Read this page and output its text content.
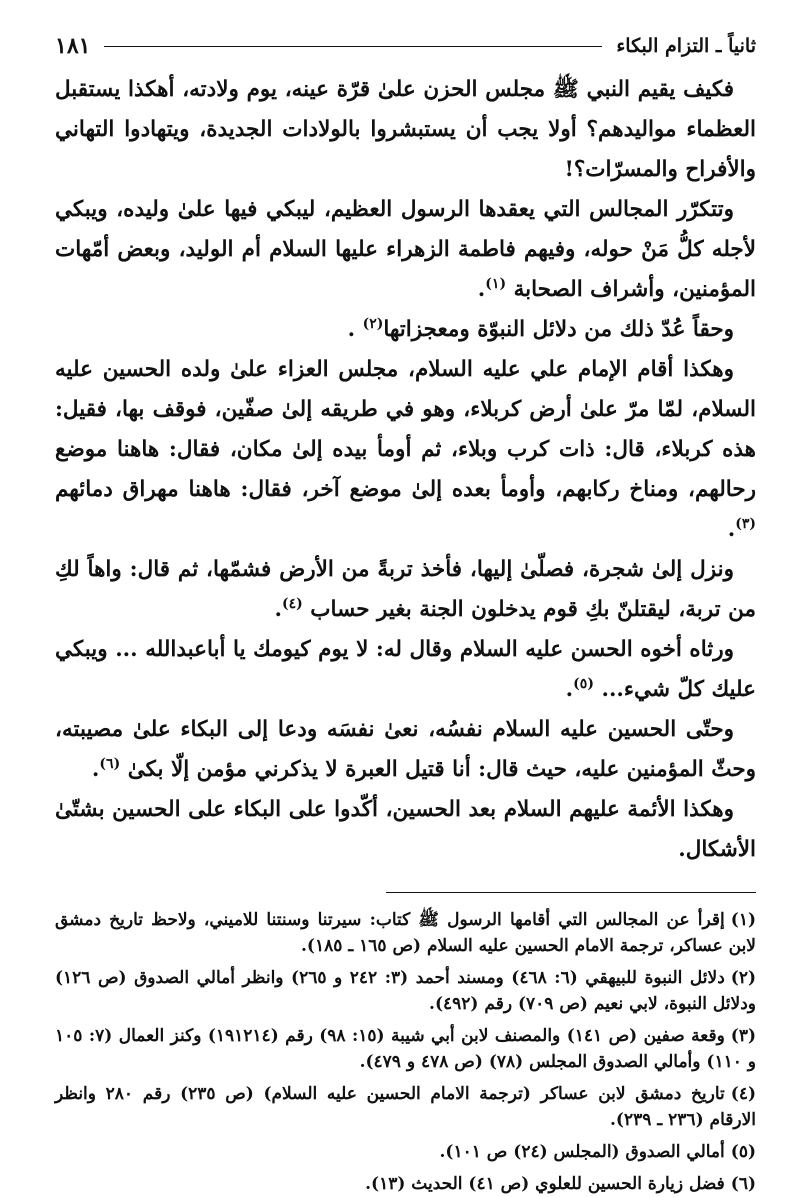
ثانياً ـ التزام البكاء
١٨١

فكيف يقيم النبي ﷺ مجلس الحزن علىٰ قرّة عينه، يوم ولادته، أهكذا يستقبل العظماء مواليدهم؟ أولا يجب أن يستبشروا بالولادات الجديدة، ويتهادوا التهاني والأفراح والمسرّات؟!

وتتكرّر المجالس التي يعقدها الرسول العظيم، ليبكي فيها علىٰ وليده، ويبكي لأجله كلُّ مَنْ حوله، وفيهم فاطمة الزهراء عليها السلام أم الوليد، وبعض أمّهات المؤمنين، وأشراف الصحابة $^{(١)}$.

وحقاً عُدّ ذلك من دلائل النبوّة ومعجزاتها$^{(٢)}$ .

وهكذا أقام الإمام علي عليه السلام، مجلس العزاء علىٰ ولده الحسين عليه السلام، لمّا مرّ علىٰ أرض كربلاء، وهو في طريقه إلىٰ صفّين، فوقف بها، فقيل: هذه كربلاء، قال: ذات كرب وبلاء، ثم أومأ بيده إلىٰ مكان، فقال: هاهنا موضع رحالهم، ومناخ ركابهم، وأومأ بعده إلىٰ موضع آخر، فقال: هاهنا مهراق دمائهم $^{(٣)}$.

ونزل إلىٰ شجرة، فصلّىٰ إليها، فأخذ تربةً من الأرض فشمّها، ثم قال: واهاً لكِ من تربة، ليقتلنّ بكِ قوم يدخلون الجنة بغير حساب $^{(٤)}$.

ورثاه أخوه الحسن عليه السلام وقال له: لا يوم كيومك يا أباعبدالله ... ويبكي عليك كلّ شيء... $^{(٥)}$.

وحتّى الحسين عليه السلام نفسُه، نعىٰ نفسَه ودعا إلى البكاء علىٰ مصيبته، وحثّ المؤمنين عليه، حيث قال: أنا قتيل العبرة لا يذكرني مؤمن إلّا بكىٰ $^{(٦)}$.

وهكذا الأئمة عليهم السلام بعد الحسين، أكّدوا على البكاء على الحسين بشتّىٰ الأشكال.

(١)إقرأ عن المجالس التي أقامها الرسول ﷺ كتاب: سيرتنا وسنتنا للاميني، ولاحظ تاريخ دمشق لابن عساكر، ترجمة الامام الحسين عليه السلام (ص ١٦٥ ـ ١٨٥).

(٢)دلائل النبوة للبيهقي (٦: ٤٦٨) ومسند أحمد (٣: ٢٤٢ و ٢٦٥) وانظر أمالي الصدوق (ص ١٢٦) ودلائل النبوة، لابي نعيم (ص ٧٠٩) رقم (٤٩٢).

(٣)وقعة صفين (ص ١٤١) والمصنف لابن أبي شيبة (١٥: ٩٨) رقم (١٩١٢١٤) وكنز العمال (٧: ١٠٥ و ١١٠) وأمالي الصدوق المجلس (٧٨) (ص ٤٧٨ و ٤٧٩).

(٤)تاريخ دمشق لابن عساكر (ترجمة الامام الحسين عليه السلام) (ص ٢٣٥) رقم ٢٨٠ وانظر الارقام (٢٣٦ ـ ٢٣٩).

(٥)أمالي الصدوق (المجلس (٢٤) ص ١٠١).

(٦)فضل زيارة الحسين للعلوي (ص ٤١) الحديث (١٣).
